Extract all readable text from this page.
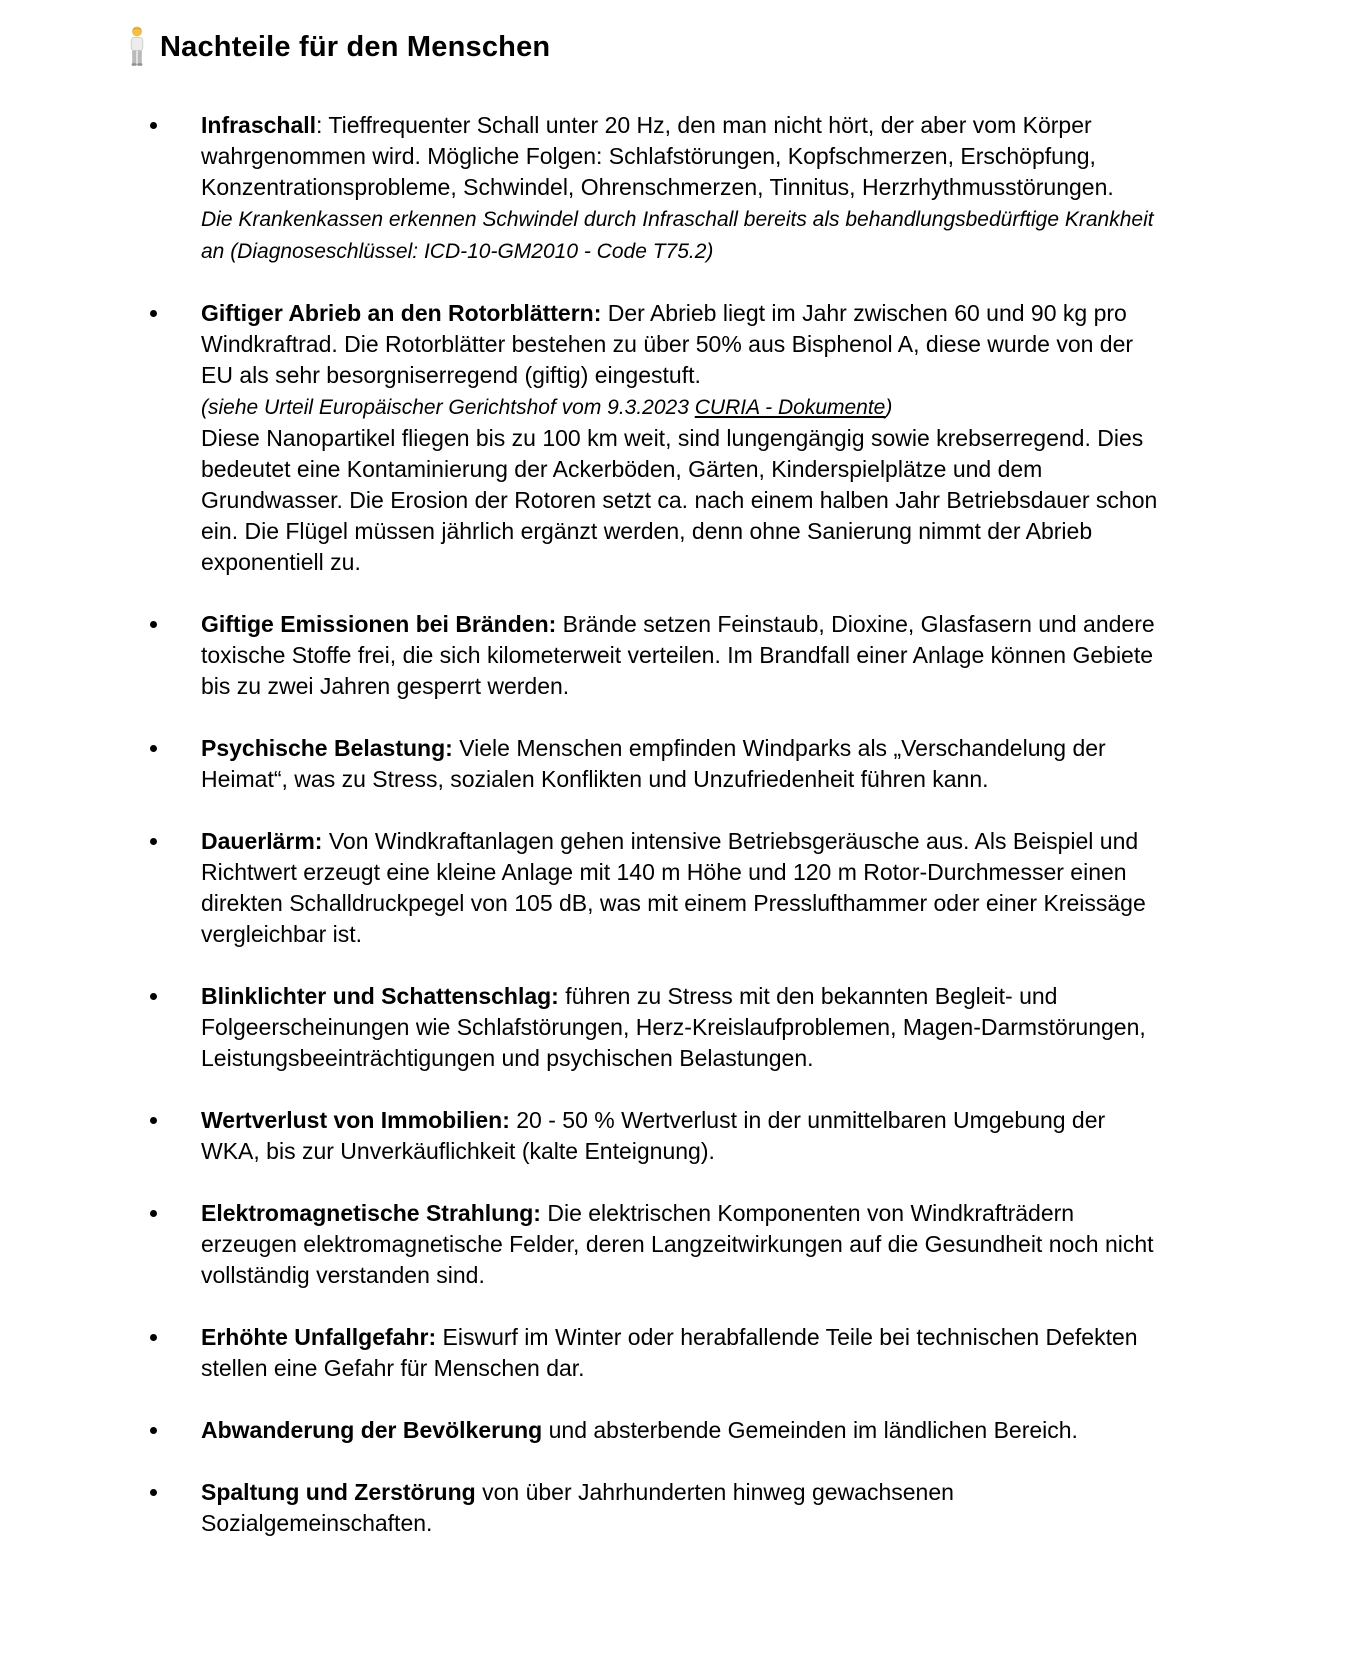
Nachteile für den Menschen
Infraschall: Tieffrequenter Schall unter 20 Hz, den man nicht hört, der aber vom Körper wahrgenommen wird. Mögliche Folgen: Schlafstörungen, Kopfschmerzen, Erschöpfung, Konzentrationsprobleme, Schwindel, Ohrenschmerzen, Tinnitus, Herzrhythmusstörungen.
Die Krankenkassen erkennen Schwindel durch Infraschall bereits als behandlungsbedürftige Krankheit an (Diagnoseschlüssel: ICD-10-GM2010 - Code T75.2)
Giftiger Abrieb an den Rotorblättern: Der Abrieb liegt im Jahr zwischen 60 und 90 kg pro Windkraftrad. Die Rotorblätter bestehen zu über 50% aus Bisphenol A, diese wurde von der EU als sehr besorgniserregend (giftig) eingestuft.
(siehe Urteil Europäischer Gerichtshof vom 9.3.2023 CURIA - Dokumente)
Diese Nanopartikel fliegen bis zu 100 km weit, sind lungengängig sowie krebserregend. Dies bedeutet eine Kontaminierung der Ackerböden, Gärten, Kinderspielplätze und dem Grundwasser. Die Erosion der Rotoren setzt ca. nach einem halben Jahr Betriebsdauer schon ein. Die Flügel müssen jährlich ergänzt werden, denn ohne Sanierung nimmt der Abrieb exponentiell zu.
Giftige Emissionen bei Bränden: Brände setzen Feinstaub, Dioxine, Glasfasern und andere toxische Stoffe frei, die sich kilometerweit verteilen. Im Brandfall einer Anlage können Gebiete bis zu zwei Jahren gesperrt werden.
Psychische Belastung: Viele Menschen empfinden Windparks als „Verschandelung der Heimat“, was zu Stress, sozialen Konflikten und Unzufriedenheit führen kann.
Dauerlärm: Von Windkraftanlagen gehen intensive Betriebsgeräusche aus. Als Beispiel und Richtwert erzeugt eine kleine Anlage mit 140 m Höhe und 120 m Rotor-Durchmesser einen direkten Schalldruckpegel von 105 dB, was mit einem Presslufthammer oder einer Kreissäge vergleichbar ist.
Blinklichter und Schattenschlag: führen zu Stress mit den bekannten Begleit- und Folgeerscheinungen wie Schlafstörungen, Herz-Kreislaufproblemen, Magen-Darmstörungen, Leistungsbeeinträchtigungen und psychischen Belastungen.
Wertverlust von Immobilien: 20 - 50 % Wertverlust in der unmittelbaren Umgebung der WKA, bis zur Unverkäuflichkeit (kalte Enteignung).
Elektromagnetische Strahlung: Die elektrischen Komponenten von Windkrafträdern erzeugen elektromagnetische Felder, deren Langzeitwirkungen auf die Gesundheit noch nicht vollständig verstanden sind.
Erhöhte Unfallgefahr: Eiswurf im Winter oder herabfallende Teile bei technischen Defekten stellen eine Gefahr für Menschen dar.
Abwanderung der Bevölkerung und absterbende Gemeinden im ländlichen Bereich.
Spaltung und Zerstörung von über Jahrhunderten hinweg gewachsenen Sozialgemeinschaften.
